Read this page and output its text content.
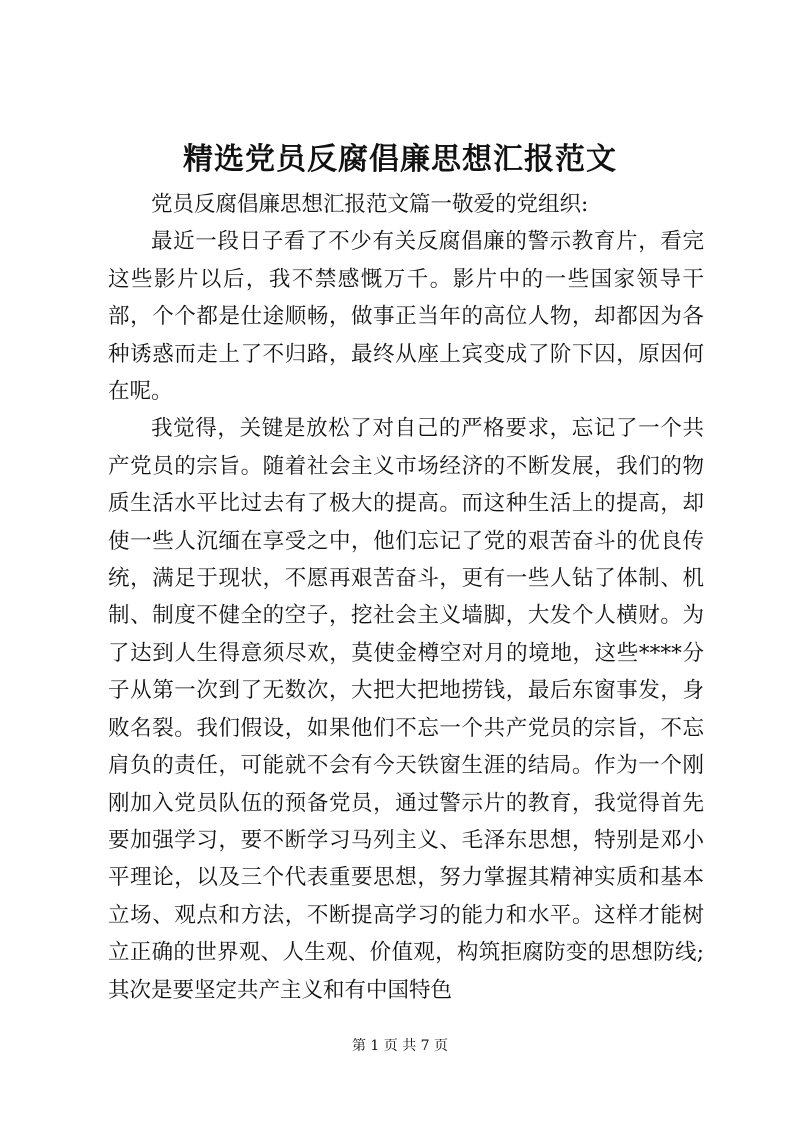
精选党员反腐倡廉思想汇报范文

党员反腐倡廉思想汇报范文篇一敬爱的党组织:

最近一段日子看了不少有关反腐倡廉的警示教育片，看完这些影片以后，我不禁感慨万千。影片中的一些国家领导干部，个个都是仕途顺畅，做事正当年的高位人物，却都因为各种诱惑而走上了不归路，最终从座上宾变成了阶下囚，原因何在呢。

我觉得，关键是放松了对自己的严格要求，忘记了一个共产党员的宗旨。随着社会主义市场经济的不断发展，我们的物质生活水平比过去有了极大的提高。而这种生活上的提高，却使一些人沉缅在享受之中，他们忘记了党的艰苦奋斗的优良传统，满足于现状，不愿再艰苦奋斗，更有一些人钻了体制、机制、制度不健全的空子，挖社会主义墙脚，大发个人横财。为了达到人生得意须尽欢，莫使金樽空对月的境地，这些****分子从第一次到了无数次，大把大把地捞钱，最后东窗事发，身败名裂。我们假设，如果他们不忘一个共产党员的宗旨，不忘肩负的责任，可能就不会有今天铁窗生涯的结局。作为一个刚刚加入党员队伍的预备党员，通过警示片的教育，我觉得首先要加强学习，要不断学习马列主义、毛泽东思想，特别是邓小平理论，以及三个代表重要思想，努力掌握其精神实质和基本立场、观点和方法，不断提高学习的能力和水平。这样才能树立正确的世界观、人生观、价值观，构筑拒腐防变的思想防线;其次是要坚定共产主义和有中国特色

第 1 页 共 7 页
